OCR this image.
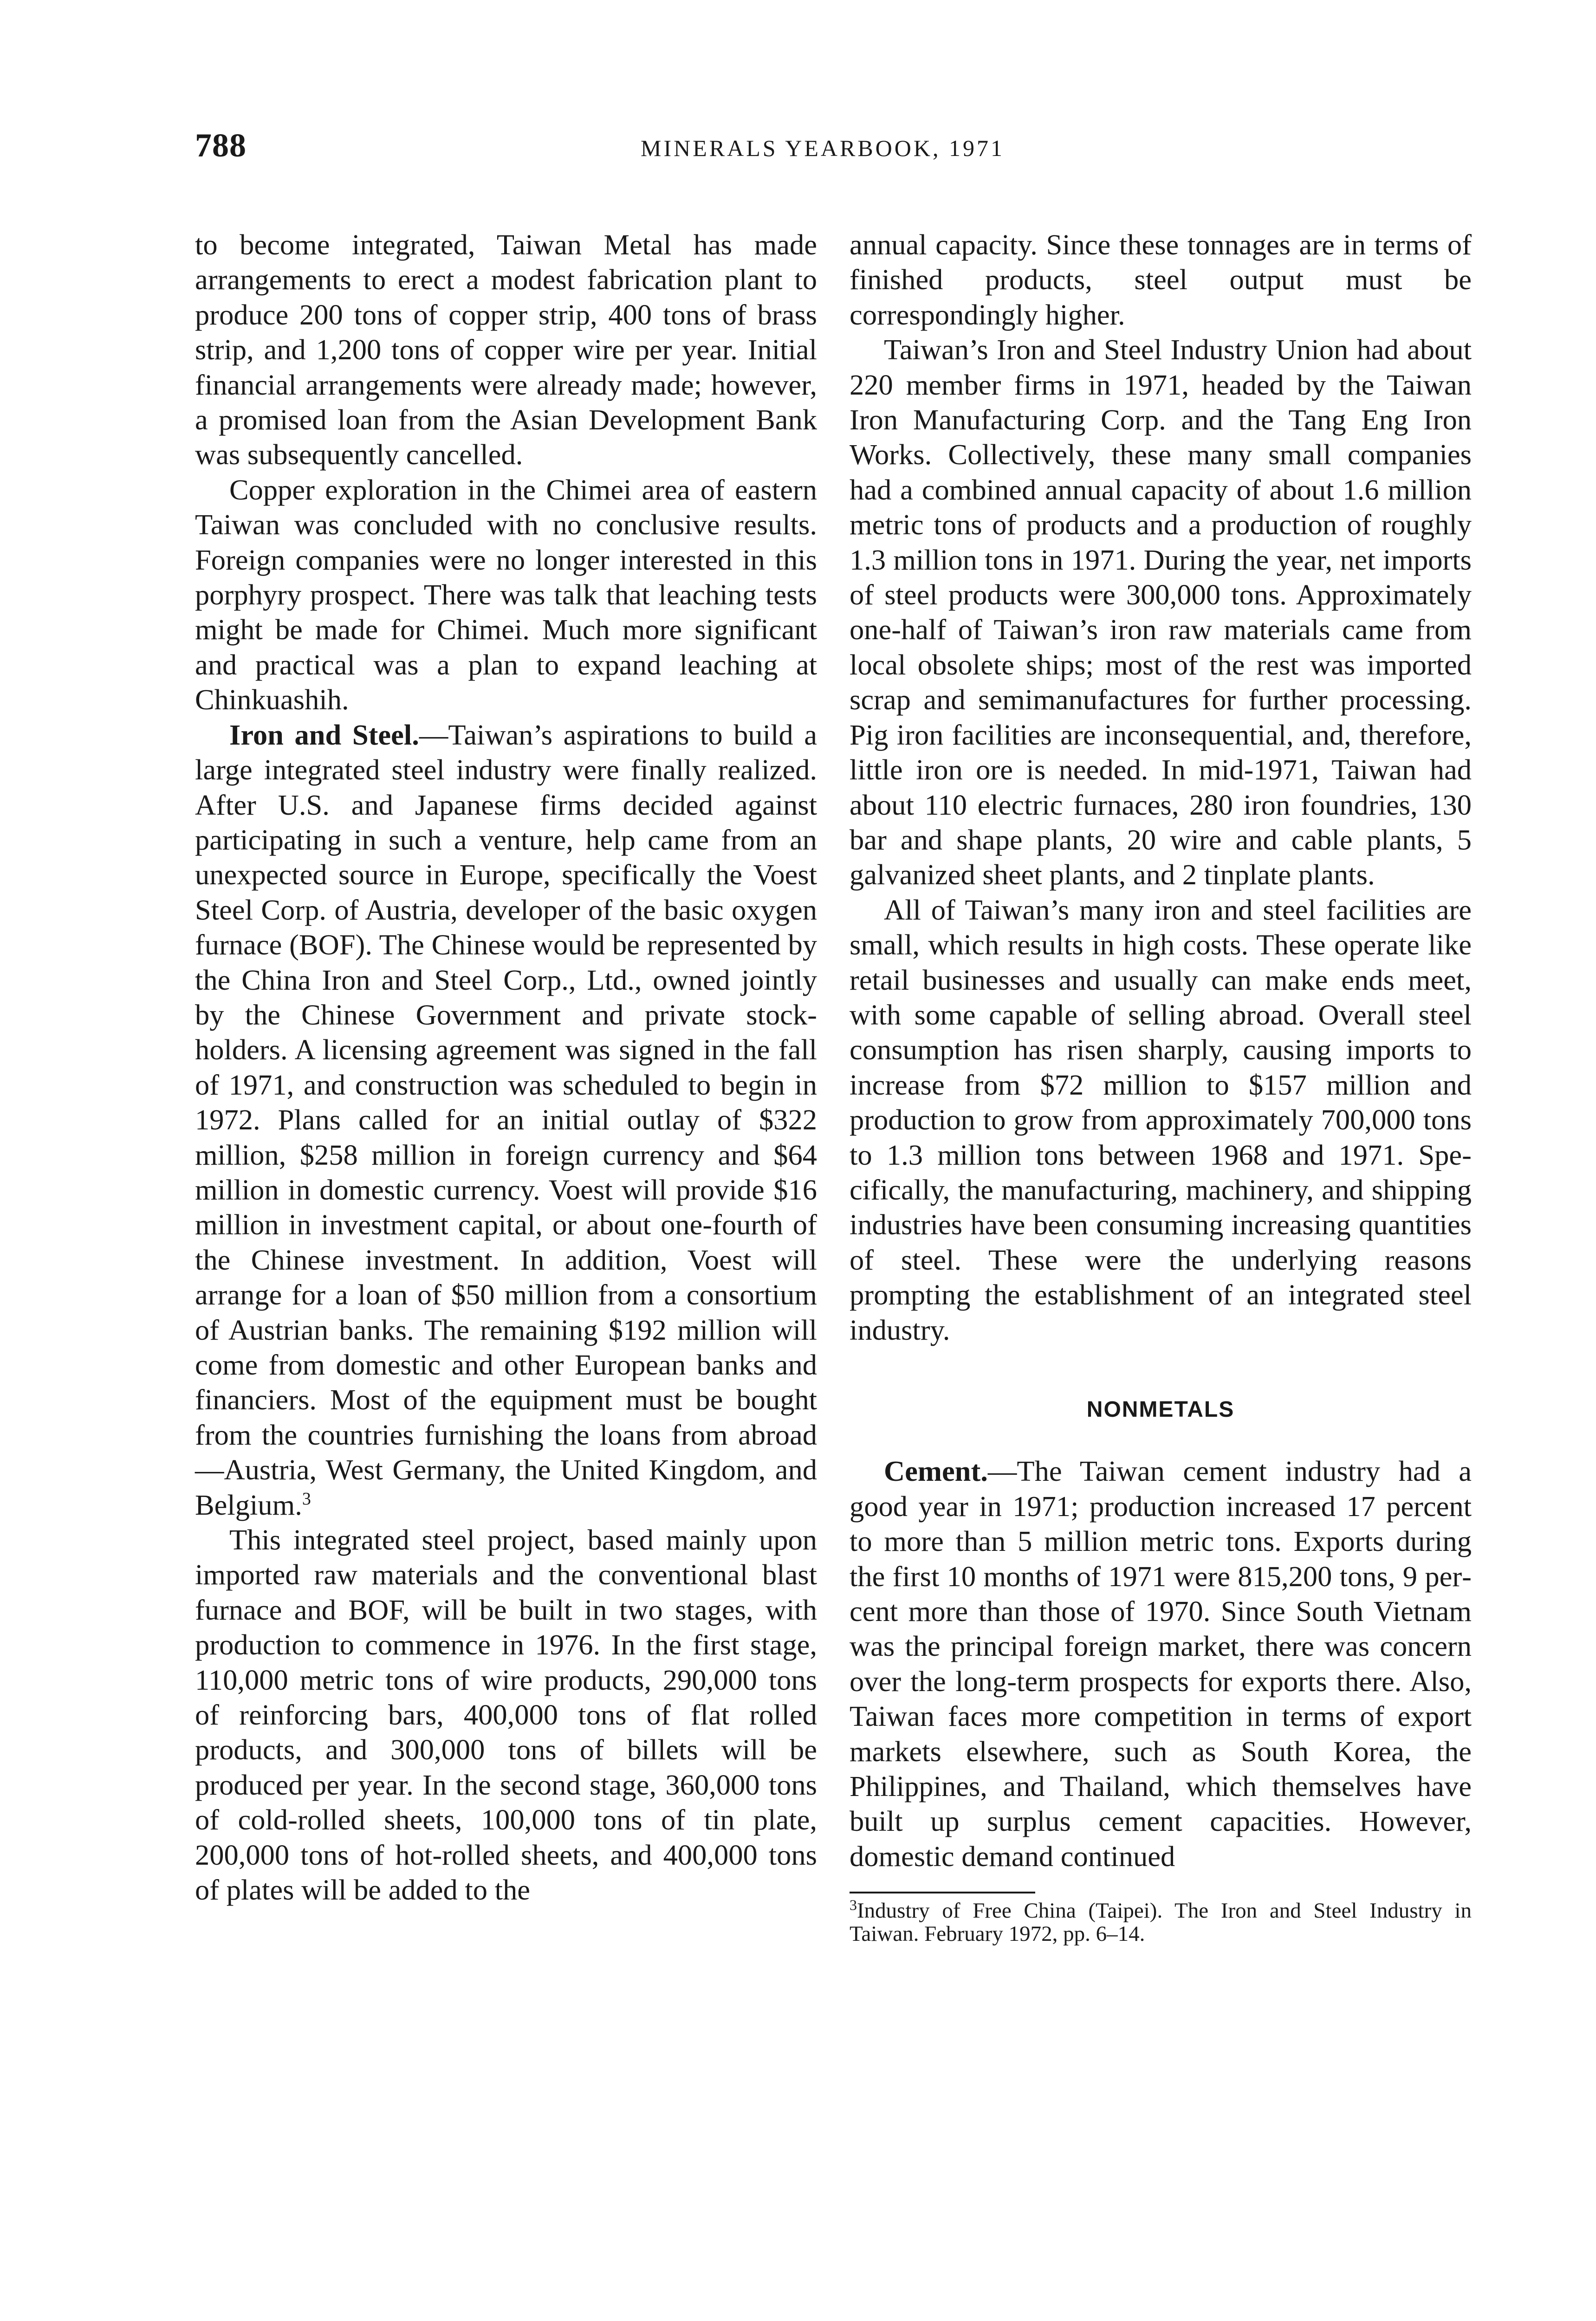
788	MINERALS YEARBOOK, 1971

to become integrated, Taiwan Metal has made arrangements to erect a modest fabrication plant to produce 200 tons of copper strip, 400 tons of brass strip, and 1,200 tons of copper wire per year. Initial financial arrangements were already made; however, a promised loan from the Asian Development Bank was subsequently cancelled.

Copper exploration in the Chimei area of eastern Taiwan was concluded with no conclusive results. Foreign companies were no longer interested in this porphyry prospect. There was talk that leaching tests might be made for Chimei. Much more significant and practical was a plan to expand leaching at Chinkuashih.

Iron and Steel.—Taiwan’s aspirations to build a large integrated steel industry were finally realized. After U.S. and Japanese firms decided against participating in such a venture, help came from an unexpected source in Europe, specifically the Voest Steel Corp. of Austria, developer of the basic oxygen furnace (BOF). The Chinese would be represented by the China Iron and Steel Corp., Ltd., owned jointly by the Chinese Government and private stockholders. A licensing agreement was signed in the fall of 1971, and construction was scheduled to begin in 1972. Plans called for an initial outlay of $322 million, $258 million in foreign currency and $64 million in domestic currency. Voest will provide $16 million in investment capital, or about one-fourth of the Chinese investment. In addition, Voest will arrange for a loan of $50 million from a consortium of Austrian banks. The remaining $192 million will come from domestic and other European banks and financiers. Most of the equipment must be bought from the countries furnishing the loans from abroad —Austria, West Germany, the United Kingdom, and Belgium.$^3$

This integrated steel project, based mainly upon imported raw materials and the conventional blast furnace and BOF, will be built in two stages, with production to commence in 1976. In the first stage, 110,000 metric tons of wire products, 290,000 tons of reinforcing bars, 400,000 tons of flat rolled products, and 300,000 tons of billets will be produced per year. In the second stage, 360,000 tons of cold-rolled sheets, 100,000 tons of tin plate, 200,000 tons of hot-rolled sheets, and 400,000 tons of plates will be added to the

annual capacity. Since these tonnages are in terms of finished products, steel output must be correspondingly higher.

Taiwan’s Iron and Steel Industry Union had about 220 member firms in 1971, headed by the Taiwan Iron Manufacturing Corp. and the Tang Eng Iron Works. Collectively, these many small companies had a combined annual capacity of about 1.6 million metric tons of products and a production of roughly 1.3 million tons in 1971. During the year, net imports of steel products were 300,000 tons. Approximately one-half of Taiwan’s iron raw materials came from local obsolete ships; most of the rest was imported scrap and semimanufactures for further processing. Pig iron facilities are inconsequential, and, therefore, little iron ore is needed. In mid-1971, Taiwan had about 110 electric furnaces, 280 iron foundries, 130 bar and shape plants, 20 wire and cable plants, 5 galvanized sheet plants, and 2 tinplate plants.

All of Taiwan’s many iron and steel facilities are small, which results in high costs. These operate like retail businesses and usually can make ends meet, with some capable of selling abroad. Overall steel consumption has risen sharply, causing imports to increase from $72 million to $157 million and production to grow from approximately 700,000 tons to 1.3 million tons between 1968 and 1971. Specifically, the manufacturing, machinery, and shipping industries have been consuming increasing quantities of steel. These were the underlying reasons prompting the establishment of an integrated steel industry.

NONMETALS

Cement.—The Taiwan cement industry had a good year in 1971; production increased 17 percent to more than 5 million metric tons. Exports during the first 10 months of 1971 were 815,200 tons, 9 percent more than those of 1970. Since South Vietnam was the principal foreign market, there was concern over the long-term prospects for exports there. Also, Taiwan faces more competition in terms of export markets elsewhere, such as South Korea, the Philippines, and Thailand, which themselves have built up surplus cement capacities. However, domestic demand continued

$^3$Industry of Free China (Taipei). The Iron and Steel Industry in Taiwan. February 1972, pp. 6–14.
